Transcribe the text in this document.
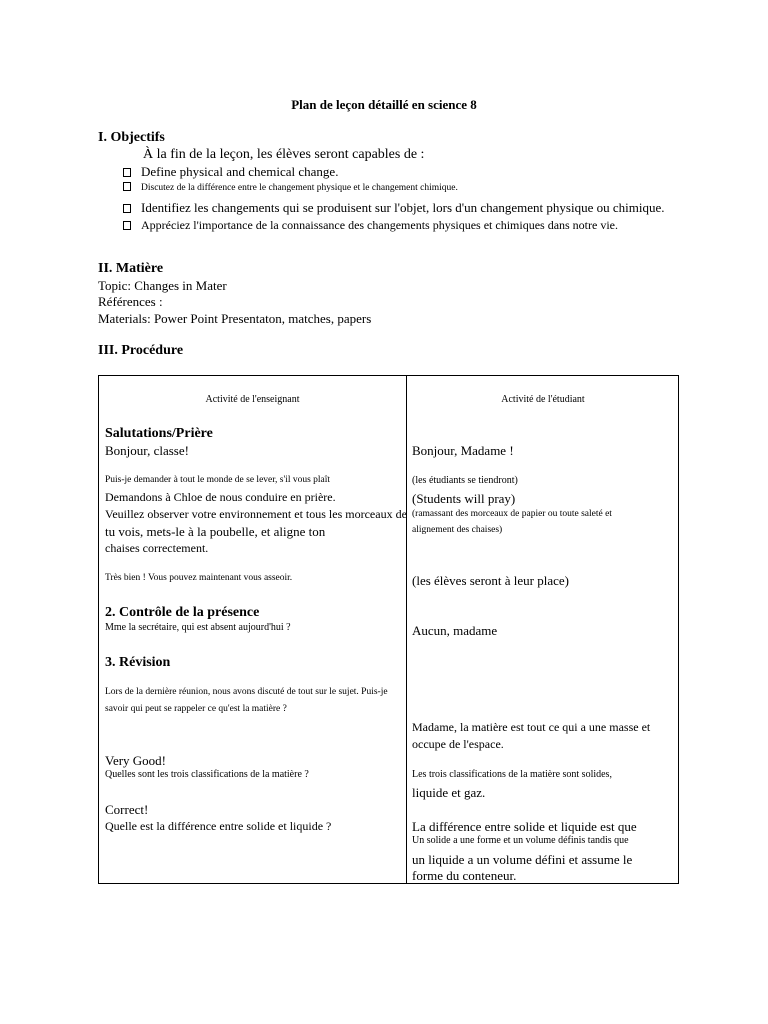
Plan de leçon détaillé en science 8
I. Objectifs
À la fin de la leçon, les élèves seront capables de :
Define physical and chemical change.
Discutez de la différence entre le changement physique et le changement chimique.
Identifiez les changements qui se produisent sur l'objet, lors d'un changement physique ou chimique.
Appréciez l'importance de la connaissance des changements physiques et chimiques dans notre vie.
II. Matière
Topic: Changes in Mater
Références :
Materials: Power Point Presentaton, matches, papers
III. Procédure
Activité de l'enseignant	Activité de l'étudiant
Salutations/Prière
Bonjour, classe!
Puis-je demander à tout le monde de se lever, s'il vous plaît
Demandons à Chloe de nous conduire en prière.
Veuillez observer votre environnement et tous les morceaux de
tu vois, mets-le à la poubelle, et aligne ton
chaises correctement.
Très bien ! Vous pouvez maintenant vous asseoir.
2. Contrôle de la présence
Mme la secrétaire, qui est absent aujourd'hui ?
3. Révision
Lors de la dernière réunion, nous avons discuté de tout sur le sujet. Puis-je
savoir qui peut se rappeler ce qu'est la matière ?
Very Good!
Quelles sont les trois classifications de la matière ?
Correct!
Quelle est la différence entre solide et liquide ?
Bonjour, Madame !
(les étudiants se tiendront)
(Students will pray)
(ramassant des morceaux de papier ou toute saleté et
alignement des chaises)
(les élèves seront à leur place)
Aucun, madame
Madame, la matière est tout ce qui a une masse et
occupe de l'espace.
Les trois classifications de la matière sont solides,
liquide et gaz.
La différence entre solide et liquide est que
Un solide a une forme et un volume définis tandis que
un liquide a un volume défini et assume le
forme du conteneur.
